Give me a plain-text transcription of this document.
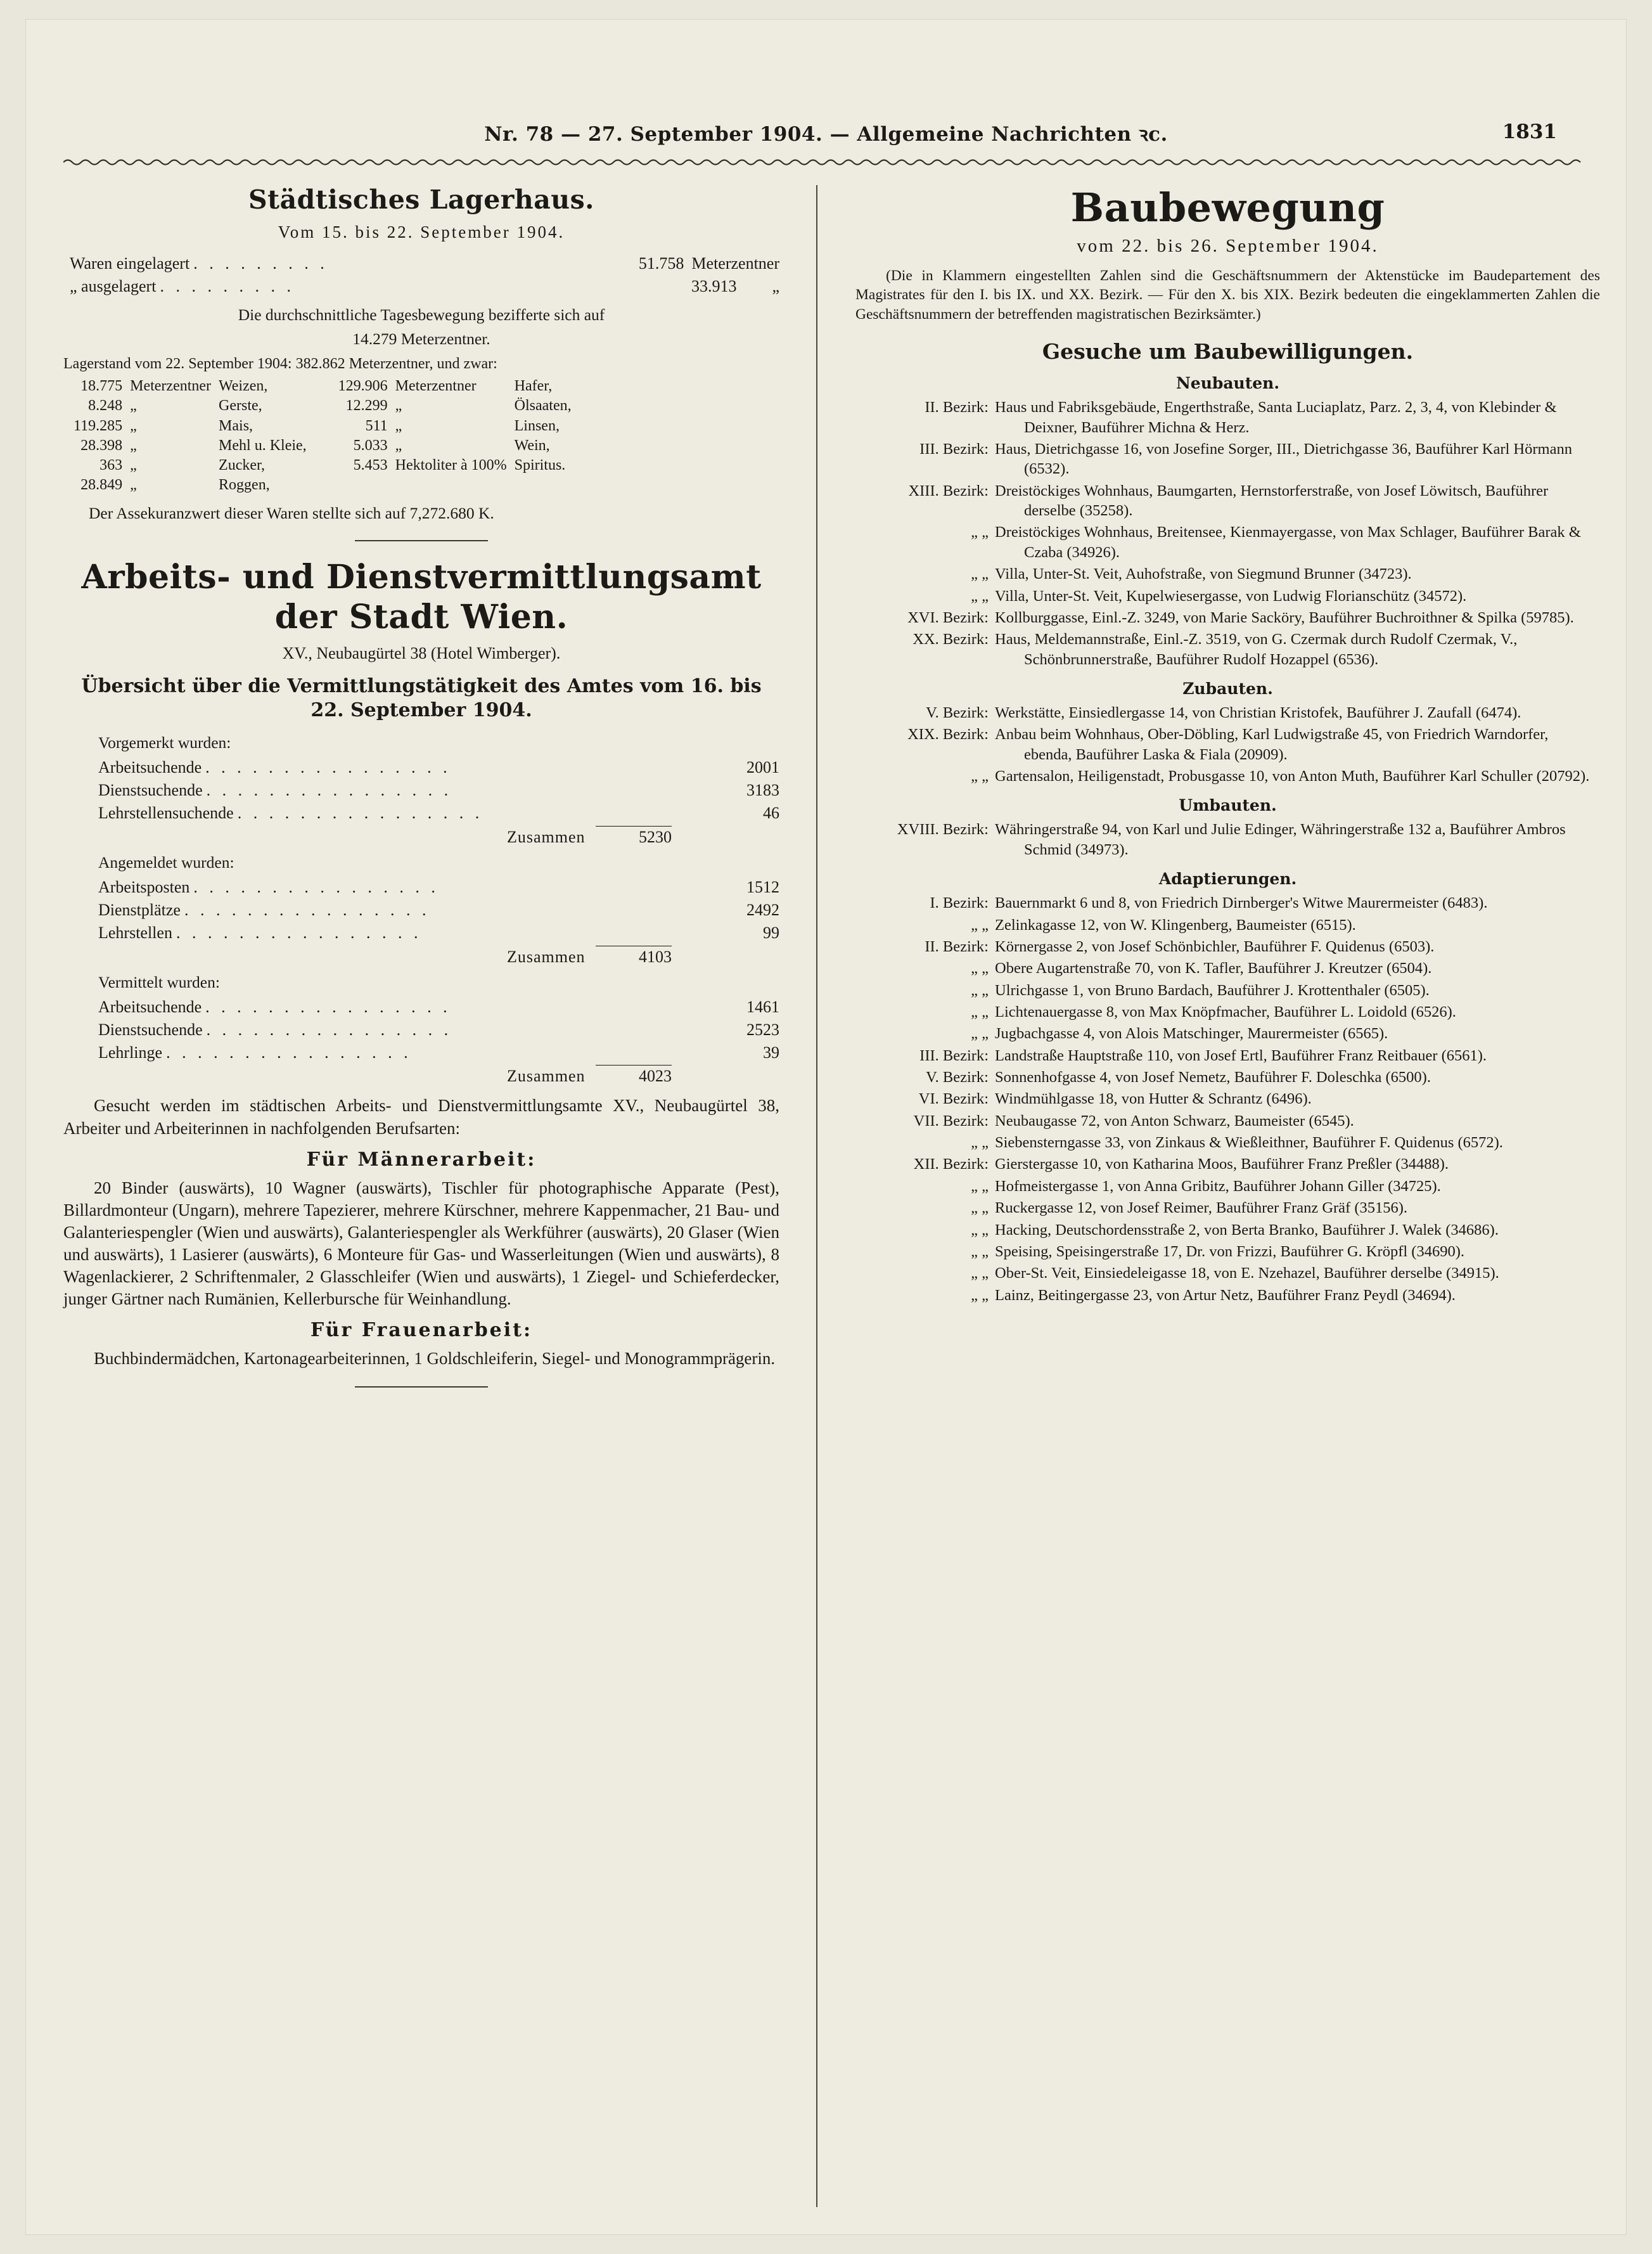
Nr. 78 — 27. September 1904. — Allgemeine Nachrichten ꝛc.	1831
Städtisches Lagerhaus.
Vom 15. bis 22. September 1904.
Waren eingelagert . . . . . . . . .	51.758 Meterzentner
„ ausgelagert . . . . . . . . .	33.913	„
Die durchschnittliche Tagesbewegung bezifferte sich auf
14.279 Meterzentner.
Lagerstand vom 22. September 1904: 382.862 Meterzentner, und zwar:
18.775	Meterzentner	Weizen,		129.906	Meterzentner	Hafer,
8.248	„	Gerste,		12.299	„	Ölsaaten,
119.285	„	Mais,		511	„	Linsen,
28.398	„	Mehl u. Kleie,		5.033	„	Wein,
363	„	Zucker,		5.453	Hektoliter à 100%	Spiritus.
28.849	„	Roggen,				
Der Assekuranzwert dieser Waren stellte sich auf 7,272.680 K.
Arbeits- und Dienstvermittlungsamt
der Stadt Wien.
XV., Neubaugürtel 38 (Hotel Wimberger).
Übersicht über die Vermittlungstätigkeit des Amtes vom 16. bis
22. September 1904.
Vorgemerkt wurden:
Arbeitsuchende . . . . . . . . . . . . . . . .	2001
Dienstsuchende . . . . . . . . . . . . . . . .	3183
Lehrstellensuchende . . . . . . . . . . . . . . . .	46
Zusammen	5230
Angemeldet wurden:
Arbeitsposten . . . . . . . . . . . . . . . .	1512
Dienstplätze . . . . . . . . . . . . . . . .	2492
Lehrstellen . . . . . . . . . . . . . . . .	99
Zusammen	4103
Vermittelt wurden:
Arbeitsuchende . . . . . . . . . . . . . . . .	1461
Dienstsuchende . . . . . . . . . . . . . . . .	2523
Lehrlinge . . . . . . . . . . . . . . . .	39
Zusammen	4023

Gesucht werden im städtischen Arbeits- und Dienstvermittlungsamte XV., Neubaugürtel 38, Arbeiter und Arbeiterinnen in nachfolgenden Berufsarten:

Für Männerarbeit:

20 Binder (auswärts), 10 Wagner (auswärts), Tischler für photographische Apparate (Pest), Billardmonteur (Ungarn), mehrere Tapezierer, mehrere Kürschner, mehrere Kappenmacher, 21 Bau- und Galanteriespengler (Wien und auswärts), Galanteriespengler als Werkführer (auswärts), 20 Glaser (Wien und auswärts), 1 Lasierer (auswärts), 6 Monteure für Gas- und Wasserleitungen (Wien und auswärts), 8 Wagenlackierer, 2 Schriftenmaler, 2 Glasschleifer (Wien und auswärts), 1 Ziegel- und Schieferdecker, junger Gärtner nach Rumänien, Kellerbursche für Weinhandlung.

Für Frauenarbeit:

Buchbindermädchen, Kartonagearbeiterinnen, 1 Goldschleiferin, Siegel- und Monogrammprägerin.

Baubewegung
vom 22. bis 26. September 1904.

(Die in Klammern eingestellten Zahlen sind die Geschäftsnummern der Aktenstücke im Baudepartement des Magistrates für den I. bis IX. und XX. Bezirk. — Für den X. bis XIX. Bezirk bedeuten die eingeklammerten Zahlen die Geschäftsnummern der betreffenden magistratischen Bezirksämter.)

Gesuche um Baubewilligungen.
Neubauten.
II. Bezirk: Haus und Fabriksgebäude, Engerthstraße, Santa Luciaplatz, Parz. 2, 3, 4, von Klebinder & Deixner, Bauführer Michna & Herz.
III. Bezirk: Haus, Dietrichgasse 16, von Josefine Sorger, III., Dietrichgasse 36, Bauführer Karl Hörmann (6532).
XIII. Bezirk: Dreistöckiges Wohnhaus, Baumgarten, Hernstorferstraße, von Josef Löwitsch, Bauführer derselbe (35258).
„ „ Dreistöckiges Wohnhaus, Breitensee, Kienmayergasse, von Max Schlager, Bauführer Barak & Czaba (34926).
„ „ Villa, Unter-St. Veit, Auhofstraße, von Siegmund Brunner (34723).
„ „ Villa, Unter-St. Veit, Kupelwiesergasse, von Ludwig Florianschütz (34572).
XVI. Bezirk: Kollburggasse, Einl.-Z. 3249, von Marie Sacköry, Bauführer Buchroithner & Spilka (59785).
XX. Bezirk: Haus, Meldemannstraße, Einl.-Z. 3519, von G. Czermak durch Rudolf Czermak, V., Schönbrunnerstraße, Bauführer Rudolf Hozappel (6536).
Zubauten.
V. Bezirk: Werkstätte, Einsiedlergasse 14, von Christian Kristofek, Bauführer J. Zaufall (6474).
XIX. Bezirk: Anbau beim Wohnhaus, Ober-Döbling, Karl Ludwigstraße 45, von Friedrich Warndorfer, ebenda, Bauführer Laska & Fiala (20909).
„ „ Gartensalon, Heiligenstadt, Probusgasse 10, von Anton Muth, Bauführer Karl Schuller (20792).
Umbauten.
XVIII. Bezirk: Währingerstraße 94, von Karl und Julie Edinger, Währingerstraße 132 a, Bauführer Ambros Schmid (34973).
Adaptierungen.
I. Bezirk: Bauernmarkt 6 und 8, von Friedrich Dirnberger's Witwe Maurermeister (6483).
„ „ Zelinkagasse 12, von W. Klingenberg, Baumeister (6515).
II. Bezirk: Körnergasse 2, von Josef Schönbichler, Bauführer F. Quidenus (6503).
„ „ Obere Augartenstraße 70, von K. Tafler, Bauführer J. Kreutzer (6504).
„ „ Ulrichgasse 1, von Bruno Bardach, Bauführer J. Krottenthaler (6505).
„ „ Lichtenauergasse 8, von Max Knöpfmacher, Bauführer L. Loidold (6526).
„ „ Jugbachgasse 4, von Alois Matschinger, Maurermeister (6565).
III. Bezirk: Landstraße Hauptstraße 110, von Josef Ertl, Bauführer Franz Reitbauer (6561).
V. Bezirk: Sonnenhofgasse 4, von Josef Nemetz, Bauführer F. Doleschka (6500).
VI. Bezirk: Windmühlgasse 18, von Hutter & Schrantz (6496).
VII. Bezirk: Neubaugasse 72, von Anton Schwarz, Baumeister (6545).
„ „ Siebensterngasse 33, von Zinkaus & Wießleithner, Bauführer F. Quidenus (6572).
XII. Bezirk: Gierstergasse 10, von Katharina Moos, Bauführer Franz Preßler (34488).
„ „ Hofmeistergasse 1, von Anna Gribitz, Bauführer Johann Giller (34725).
„ „ Ruckergasse 12, von Josef Reimer, Bauführer Franz Gräf (35156).
„ „ Hacking, Deutschordensstraße 2, von Berta Branko, Bauführer J. Walek (34686).
„ „ Speising, Speisingerstraße 17, Dr. von Frizzi, Bauführer G. Kröpfl (34690).
„ „ Ober-St. Veit, Einsiedeleigasse 18, von E. Nzehazel, Bauführer derselbe (34915).
„ „ Lainz, Beitingergasse 23, von Artur Netz, Bauführer Franz Peydl (34694).
